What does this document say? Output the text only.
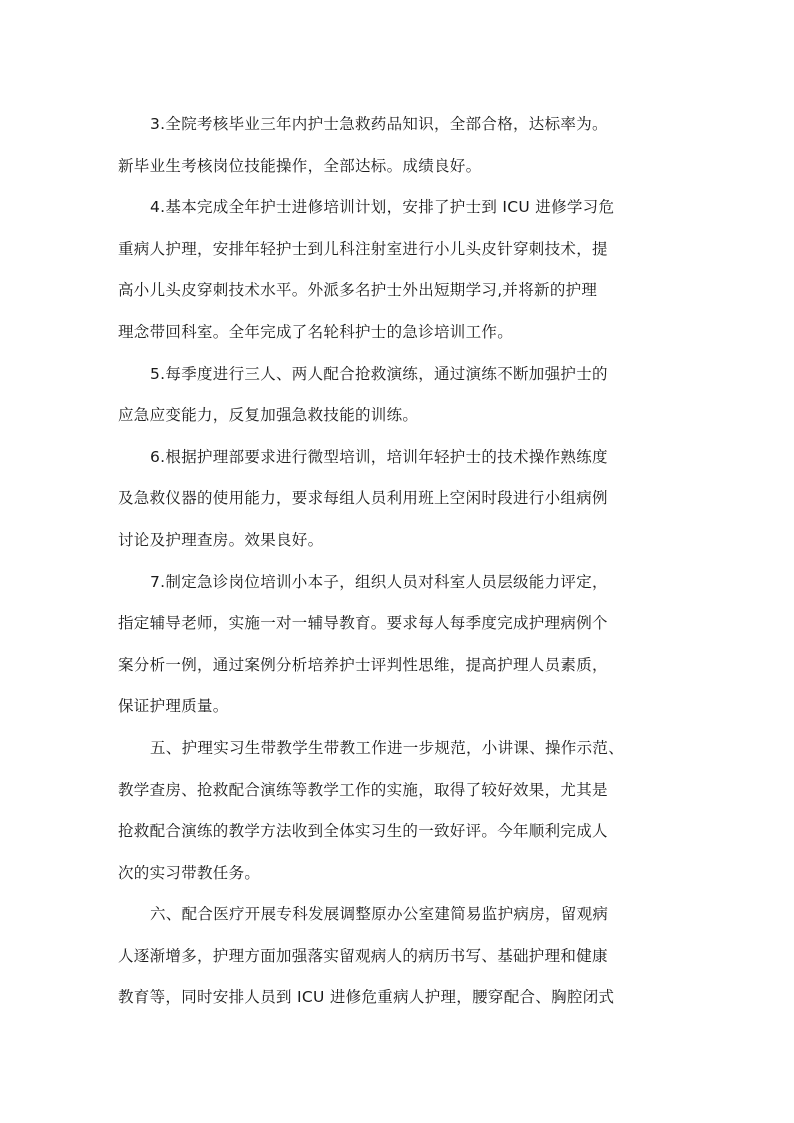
3.全院考核毕业三年内护士急救药品知识，全部合格，达标率为。
新毕业生考核岗位技能操作，全部达标。成绩良好。
4.基本完成全年护士进修培训计划，安排了护士到 ICU 进修学习危
重病人护理，安排年轻护士到儿科注射室进行小儿头皮针穿刺技术，提
高小儿头皮穿刺技术水平。外派多名护士外出短期学习,并将新的护理
理念带回科室。全年完成了名轮科护士的急诊培训工作。
5.每季度进行三人、两人配合抢救演练，通过演练不断加强护士的
应急应变能力，反复加强急救技能的训练。
6.根据护理部要求进行微型培训，培训年轻护士的技术操作熟练度
及急救仪器的使用能力，要求每组人员利用班上空闲时段进行小组病例
讨论及护理查房。效果良好。
7.制定急诊岗位培训小本子，组织人员对科室人员层级能力评定，
指定辅导老师，实施一对一辅导教育。要求每人每季度完成护理病例个
案分析一例，通过案例分析培养护士评判性思维，提高护理人员素质，
保证护理质量。
五、护理实习生带教学生带教工作进一步规范，小讲课、操作示范、
教学查房、抢救配合演练等教学工作的实施，取得了较好效果，尤其是
抢救配合演练的教学方法收到全体实习生的一致好评。今年顺利完成人
次的实习带教任务。
六、配合医疗开展专科发展调整原办公室建简易监护病房，留观病
人逐渐增多，护理方面加强落实留观病人的病历书写、基础护理和健康
教育等，同时安排人员到 ICU 进修危重病人护理，腰穿配合、胸腔闭式
